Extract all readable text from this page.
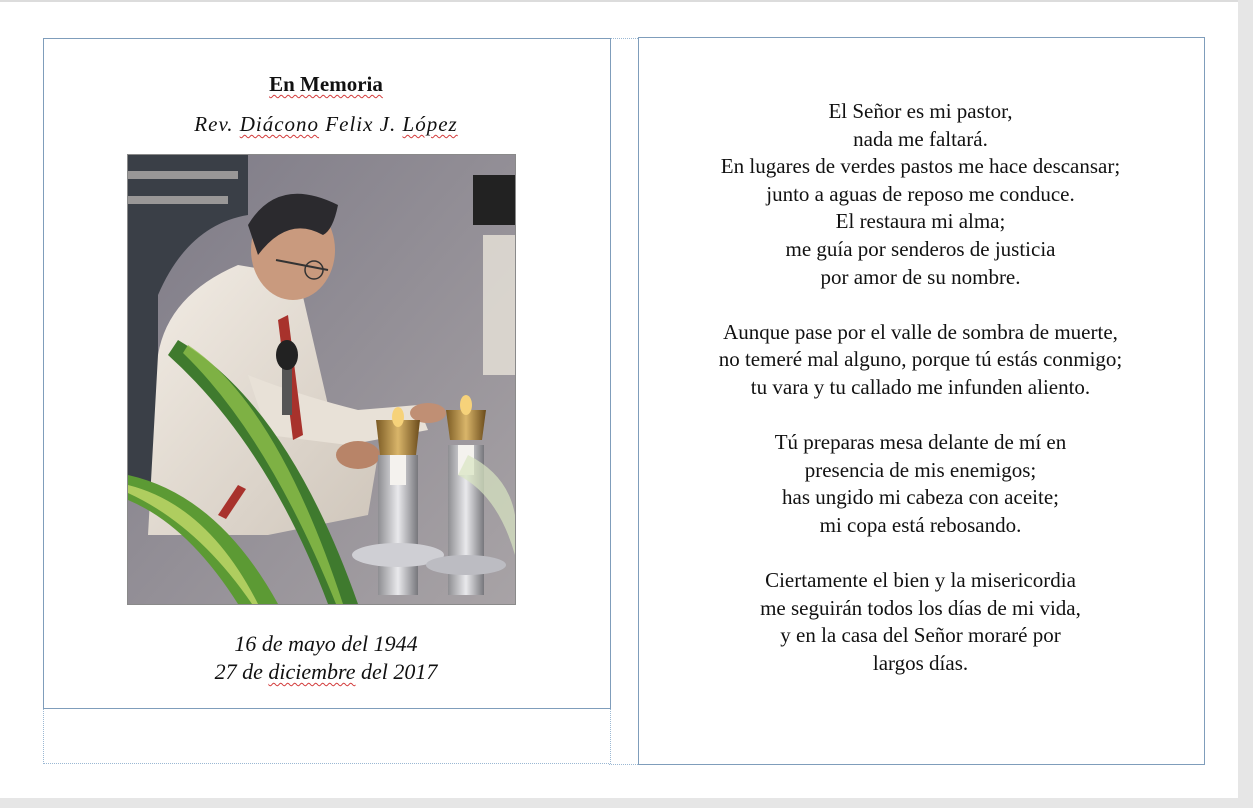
En Memoria
Rev. Diácono Felix J. López
16 de mayo del 1944
27 de diciembre del 2017
El Señor es mi pastor,
nada me faltará.
En lugares de verdes pastos me hace descansar;
junto a aguas de reposo me conduce.
El restaura mi alma;
me guía por senderos de justicia
por amor de su nombre.
Aunque pase por el valle de sombra de muerte,
no temeré mal alguno, porque tú estás conmigo;
tu vara y tu callado me infunden aliento.
Tú preparas mesa delante de mí en
presencia de mis enemigos;
has ungido mi cabeza con aceite;
mi copa está rebosando.
Ciertamente el bien y la misericordia
me seguirán todos los días de mi vida,
y en la casa del Señor moraré por
largos días.
